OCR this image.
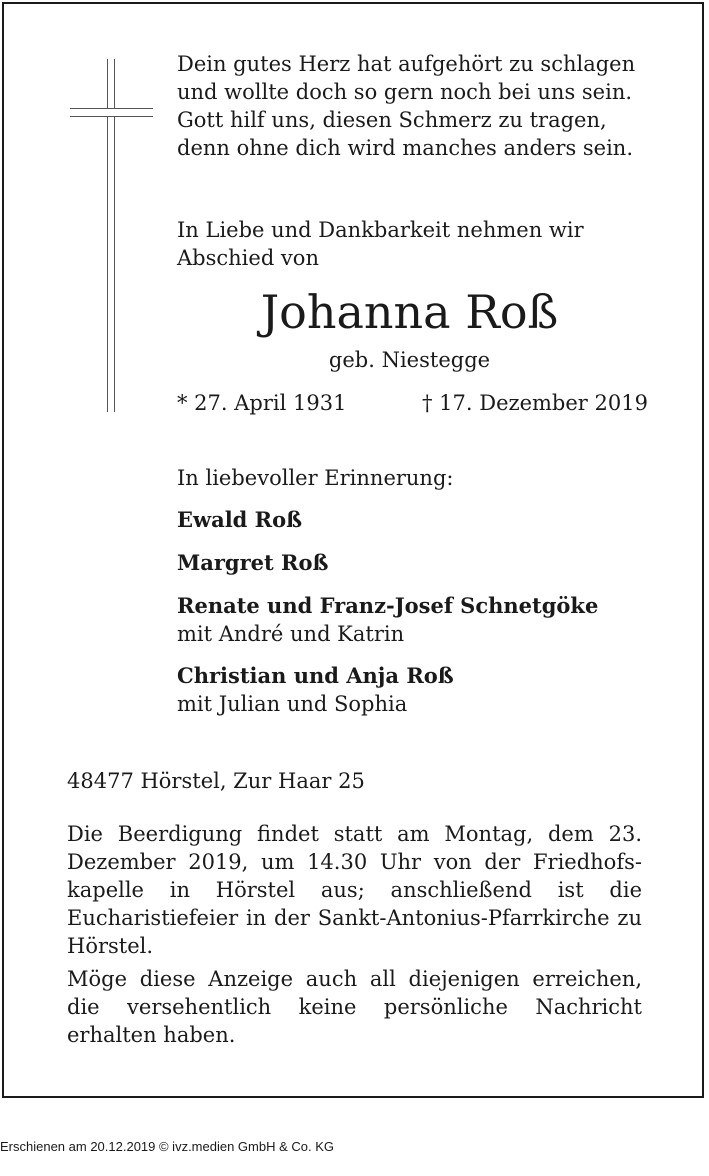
Dein gutes Herz hat aufgehört zu schlagen
und wollte doch so gern noch bei uns sein.
Gott hilf uns, diesen Schmerz zu tragen,
denn ohne dich wird manches anders sein.
In Liebe und Dankbarkeit nehmen wir
Abschied von
Johanna Roß
geb. Niestegge
* 27. April 1931	† 17. Dezember 2019
In liebevoller Erinnerung:
Ewald Roß
Margret Roß
Renate und Franz-Josef Schnetgöke
mit André und Katrin
Christian und Anja Roß
mit Julian und Sophia
48477 Hörstel, Zur Haar 25
Die Beerdigung findet statt am Montag, dem 23. Dezember 2019, um 14.30 Uhr von der Friedhofskapelle in Hörstel aus; anschließend ist die Eucharistiefeier in der Sankt-Antonius-Pfarrkirche zu Hörstel.
Möge diese Anzeige auch all diejenigen erreichen, die versehentlich keine persönliche Nachricht erhalten haben.
Erschienen am 20.12.2019 © ivz.medien GmbH & Co. KG
